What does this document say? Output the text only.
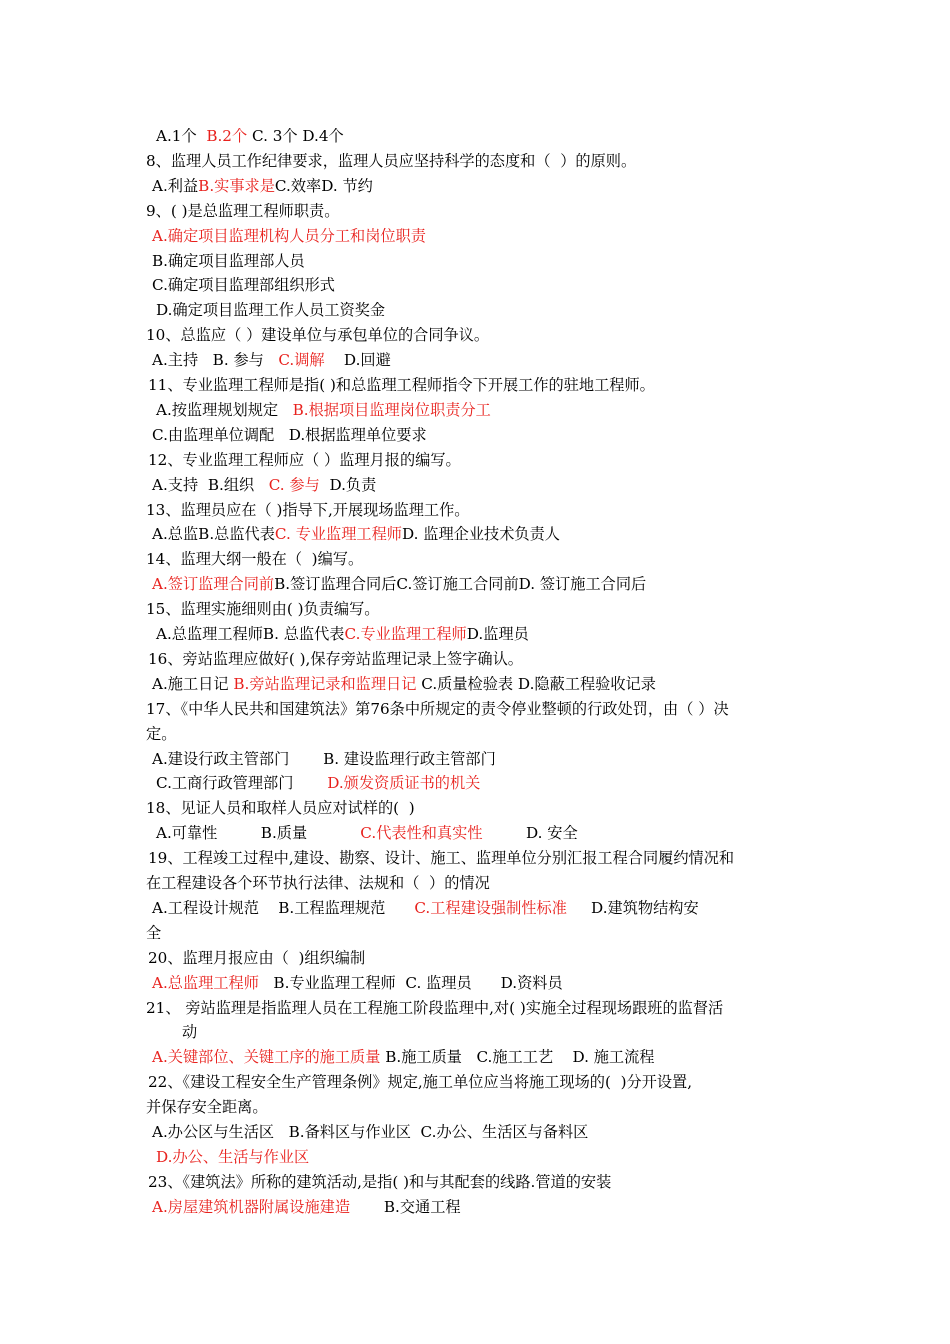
A.1个  B.2个 C. 3个 D.4个
8、监理人员工作纪律要求，监理人员应坚持科学的态度和（  ）的原则。
A.利益B.实事求是C.效率D. 节约
9、( )是总监理工程师职责。
A.确定项目监理机构人员分工和岗位职责
B.确定项目监理部人员
C.确定项目监理部组织形式
D.确定项目监理工作人员工资奖金
10、总监应（ ）建设单位与承包单位的合同争议。
A.主持   B. 参与   C.调解    D.回避
11、专业监理工程师是指( )和总监理工程师指令下开展工作的驻地工程师。
A.按监理规划规定   B.根据项目监理岗位职责分工
C.由监理单位调配   D.根据监理单位要求
12、专业监理工程师应（ ）监理月报的编写。
A.支持  B.组织   C. 参与  D.负责
13、监理员应在（ )指导下,开展现场监理工作。
A.总监B.总监代表C. 专业监理工程师D. 监理企业技术负责人
14、监理大纲一般在（  )编写。
A.签订监理合同前B.签订监理合同后C.签订施工合同前D. 签订施工合同后
15、监理实施细则由( )负责编写。
A.总监理工程师B. 总监代表C.专业监理工程师D.监理员
16、旁站监理应做好( ),保存旁站监理记录上签字确认。
A.施工日记 B.旁站监理记录和监理日记 C.质量检验表 D.隐蔽工程验收记录
17、《中华人民共和国建筑法》第76条中所规定的责令停业整顿的行政处罚，由（ ）决
定。
A.建设行政主管部门       B. 建设监理行政主管部门
C.工商行政管理部门       D.颁发资质证书的机关
18、见证人员和取样人员应对试样的(  )
A.可靠性         B.质量           C.代表性和真实性         D. 安全
19、工程竣工过程中,建设、勘察、设计、施工、监理单位分别汇报工程合同履约情况和
在工程建设各个环节执行法律、法规和（  ）的情况
A.工程设计规范    B.工程监理规范      C.工程建设强制性标准     D.建筑物结构安
全
20、监理月报应由（  )组织编制
A.总监理工程师   B.专业监理工程师  C. 监理员      D.资料员
21、 旁站监理是指监理人员在工程施工阶段监理中,对( )实施全过程现场跟班的监督活
动
A.关键部位、关键工序的施工质量 B.施工质量   C.施工工艺    D. 施工流程
22、《建设工程安全生产管理条例》规定,施工单位应当将施工现场的(  )分开设置,
并保存安全距离。
A.办公区与生活区   B.备料区与作业区  C.办公、生活区与备料区
D.办公、生活与作业区
23、《建筑法》所称的建筑活动,是指( )和与其配套的线路.管道的安装
A.房屋建筑机器附属设施建造       B.交通工程
